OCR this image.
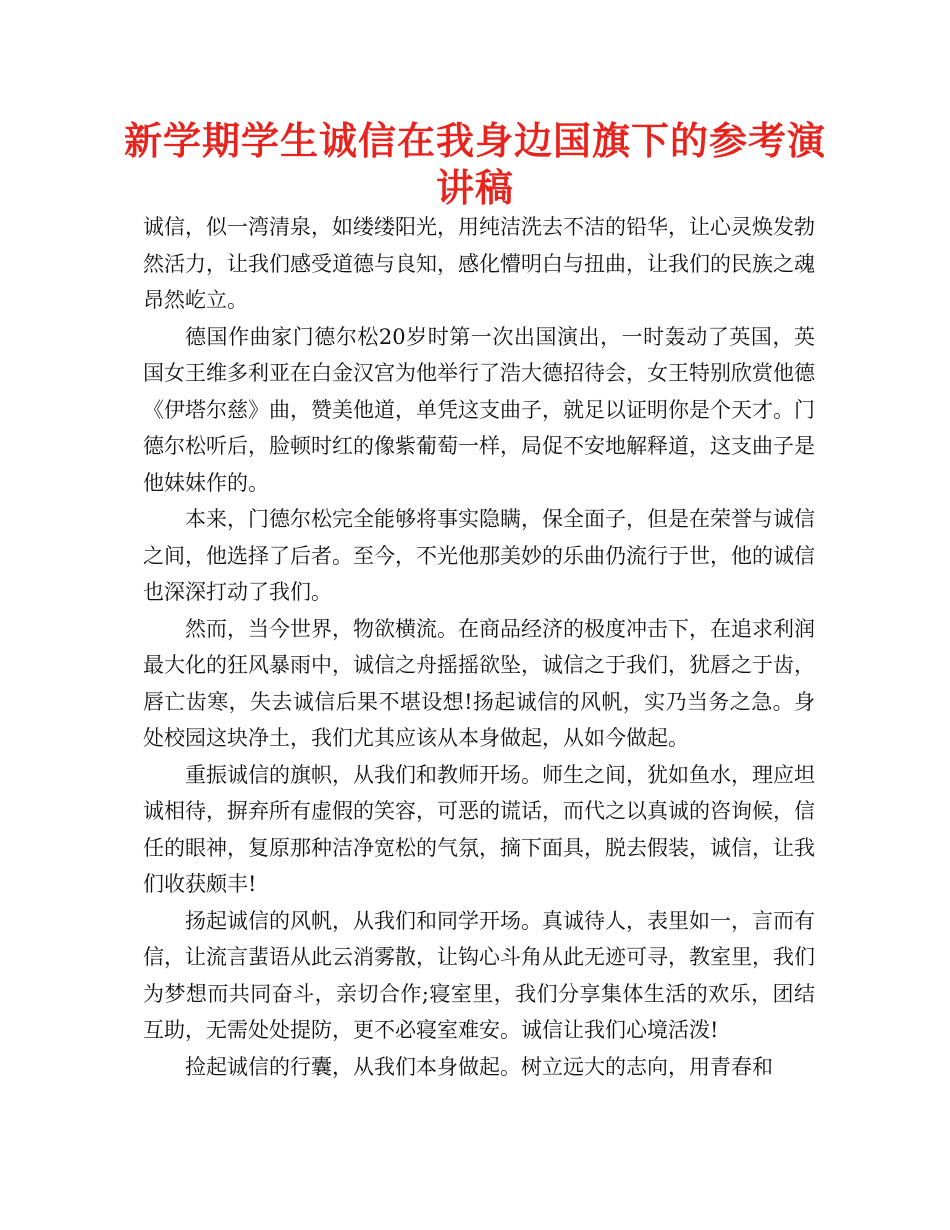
新学期学生诚信在我身边国旗下的参考演讲稿

诚信，似一湾清泉，如缕缕阳光，用纯洁洗去不洁的铅华，让心灵焕发勃然活力，让我们感受道德与良知，感化懵明白与扭曲，让我们的民族之魂昂然屹立。

德国作曲家门德尔松20岁时第一次出国演出，一时轰动了英国，英国女王维多利亚在白金汉宫为他举行了浩大德招待会，女王特别欣赏他德《伊塔尔慈》曲，赞美他道，单凭这支曲子，就足以证明你是个天才。门德尔松听后，脸顿时红的像紫葡萄一样，局促不安地解释道，这支曲子是他妹妹作的。

本来，门德尔松完全能够将事实隐瞒，保全面子，但是在荣誉与诚信之间，他选择了后者。至今，不光他那美妙的乐曲仍流行于世，他的诚信也深深打动了我们。

然而，当今世界，物欲横流。在商品经济的极度冲击下，在追求利润最大化的狂风暴雨中，诚信之舟摇摇欲坠，诚信之于我们，犹唇之于齿，唇亡齿寒，失去诚信后果不堪设想!扬起诚信的风帆，实乃当务之急。身处校园这块净土，我们尤其应该从本身做起，从如今做起。

重振诚信的旗帜，从我们和教师开场。师生之间，犹如鱼水，理应坦诚相待，摒弃所有虚假的笑容，可恶的谎话，而代之以真诚的咨询候，信任的眼神，复原那种洁净宽松的气氛，摘下面具，脱去假装，诚信，让我们收获颇丰!

扬起诚信的风帆，从我们和同学开场。真诚待人，表里如一，言而有信，让流言蜚语从此云消雾散，让钩心斗角从此无迹可寻，教室里，我们为梦想而共同奋斗，亲切合作;寝室里，我们分享集体生活的欢乐，团结互助，无需处处提防，更不必寝室难安。诚信让我们心境活泼!

捡起诚信的行囊，从我们本身做起。树立远大的志向，用青春和
